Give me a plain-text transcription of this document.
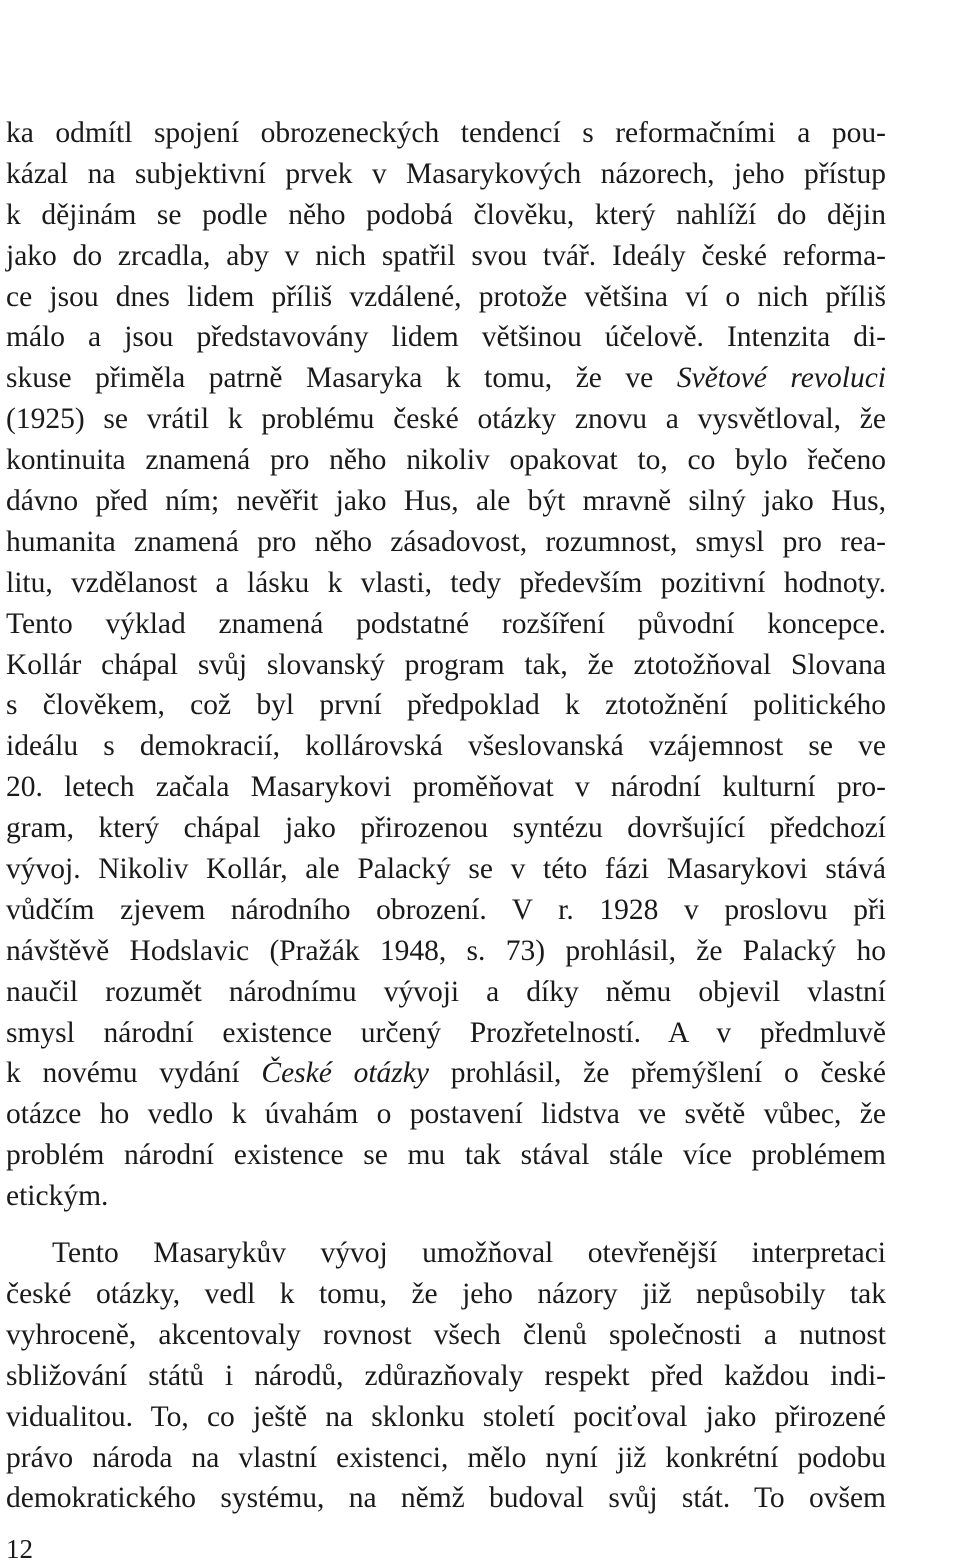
ka odmítl spojení obrozeneckých tendencí s reformačními a pou-
kázal na subjektivní prvek v Masarykových názorech, jeho přístup
k dějinám se podle něho podobá člověku, který nahlíží do dějin
jako do zrcadla, aby v nich spatřil svou tvář. Ideály české reforma-
ce jsou dnes lidem příliš vzdálené, protože většina ví o nich příliš
málo a jsou představovány lidem většinou účelově. Intenzita di-
skuse přiměla patrně Masaryka k tomu, že ve Světové revoluci
(1925) se vrátil k problému české otázky znovu a vysvětloval, že
kontinuita znamená pro něho nikoliv opakovat to, co bylo řečeno
dávno před ním; nevěřit jako Hus, ale být mravně silný jako Hus,
humanita znamená pro něho zásadovost, rozumnost, smysl pro rea-
litu, vzdělanost a lásku k vlasti, tedy především pozitivní hodnoty.
Tento výklad znamená podstatné rozšíření původní koncepce.
Kollár chápal svůj slovanský program tak, že ztotožňoval Slovana
s člověkem, což byl první předpoklad k ztotožnění politického
ideálu s demokracií, kollárovská všeslovanská vzájemnost se ve
20. letech začala Masarykovi proměňovat v národní kulturní pro-
gram, který chápal jako přirozenou syntézu dovršující předchozí
vývoj. Nikoliv Kollár, ale Palacký se v této fázi Masarykovi stává
vůdčím zjevem národního obrození. V r. 1928 v proslovu při
návštěvě Hodslavic (Pražák 1948, s. 73) prohlásil, že Palacký ho
naučil rozumět národnímu vývoji a díky němu objevil vlastní
smysl národní existence určený Prozřetelností. A v předmluvě
k novému vydání České otázky prohlásil, že přemýšlení o české
otázce ho vedlo k úvahám o postavení lidstva ve světě vůbec, že
problém národní existence se mu tak stával stále více problémem
etickým.
Tento Masarykův vývoj umožňoval otevřenější interpretaci
české otázky, vedl k tomu, že jeho názory již nepůsobily tak
vyhroceně, akcentovaly rovnost všech členů společnosti a nutnost
sbližování států i národů, zdůrazňovaly respekt před každou indi-
vidualitou. To, co ještě na sklonku století pociťoval jako přirozené
právo národa na vlastní existenci, mělo nyní již konkrétní podobu
demokratického systému, na němž budoval svůj stát. To ovšem
12
